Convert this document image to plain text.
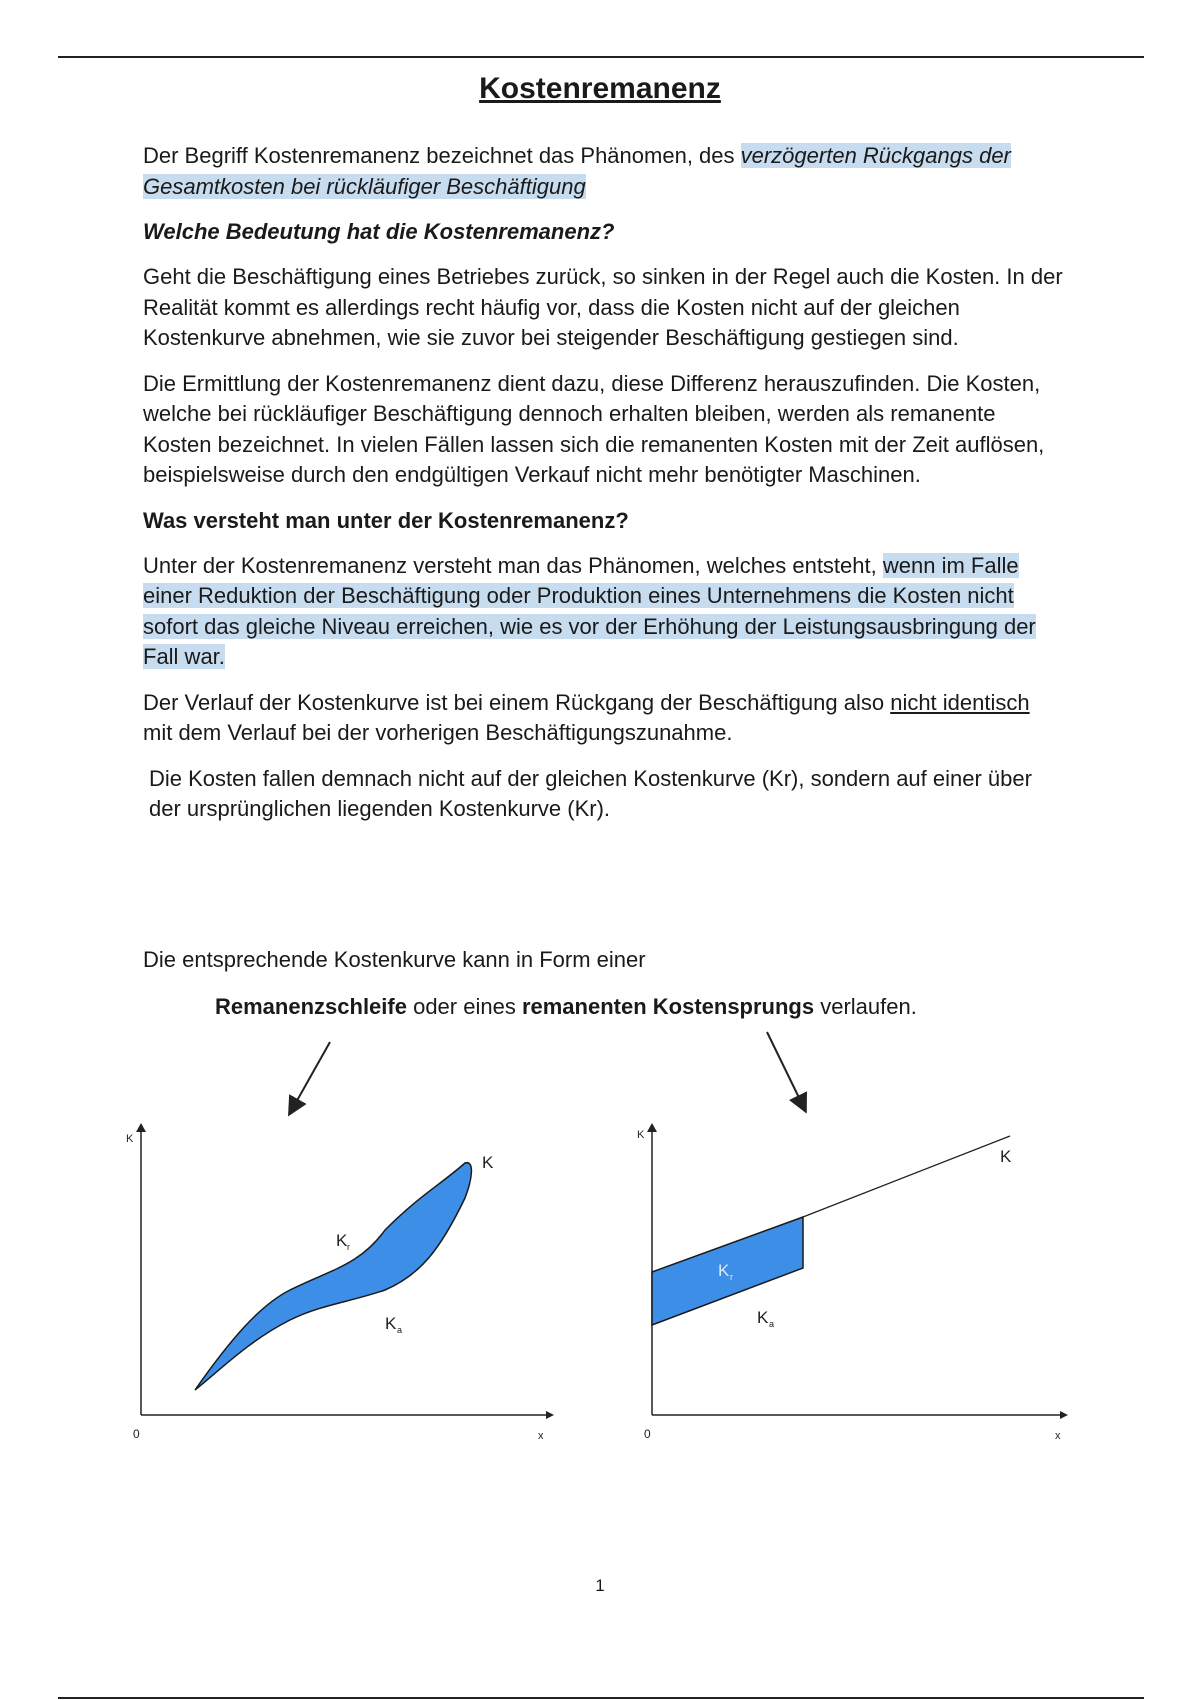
Kostenremanenz

Der Begriff Kostenremanenz bezeichnet das Phänomen, des verzögerten Rückgangs der Gesamtkosten bei rückläufiger Beschäftigung

Welche Bedeutung hat die Kostenremanenz?

Geht die Beschäftigung eines Betriebes zurück, so sinken in der Regel auch die Kosten. In der Realität kommt es allerdings recht häufig vor, dass die Kosten nicht auf der gleichen Kostenkurve abnehmen, wie sie zuvor bei steigender Beschäftigung gestiegen sind.

Die Ermittlung der Kostenremanenz dient dazu, diese Differenz herauszufinden. Die Kosten, welche bei rückläufiger Beschäftigung dennoch erhalten bleiben, werden als remanente Kosten bezeichnet. In vielen Fällen lassen sich die remanenten Kosten mit der Zeit auflösen, beispielsweise durch den endgültigen Verkauf nicht mehr benötigter Maschinen.

Was versteht man unter der Kostenremanenz?

Unter der Kostenremanenz versteht man das Phänomen, welches entsteht, wenn im Falle einer Reduktion der Beschäftigung oder Produktion eines Unternehmens die Kosten nicht sofort das gleiche Niveau erreichen, wie es vor der Erhöhung der Leistungsausbringung der Fall war.

Der Verlauf der Kostenkurve ist bei einem Rückgang der Beschäftigung also nicht identisch mit dem Verlauf bei der vorherigen Beschäftigungszunahme.

Die Kosten fallen demnach nicht auf der gleichen Kostenkurve (Kr), sondern auf einer über der ursprünglichen liegenden Kostenkurve (Kr).

Die entsprechende Kostenkurve kann in Form einer
Remanenzschleife oder eines remanenten Kostensprungs verlaufen.
K
x
0
K
K r
K a
K
x
0
K
K r
K a
1
